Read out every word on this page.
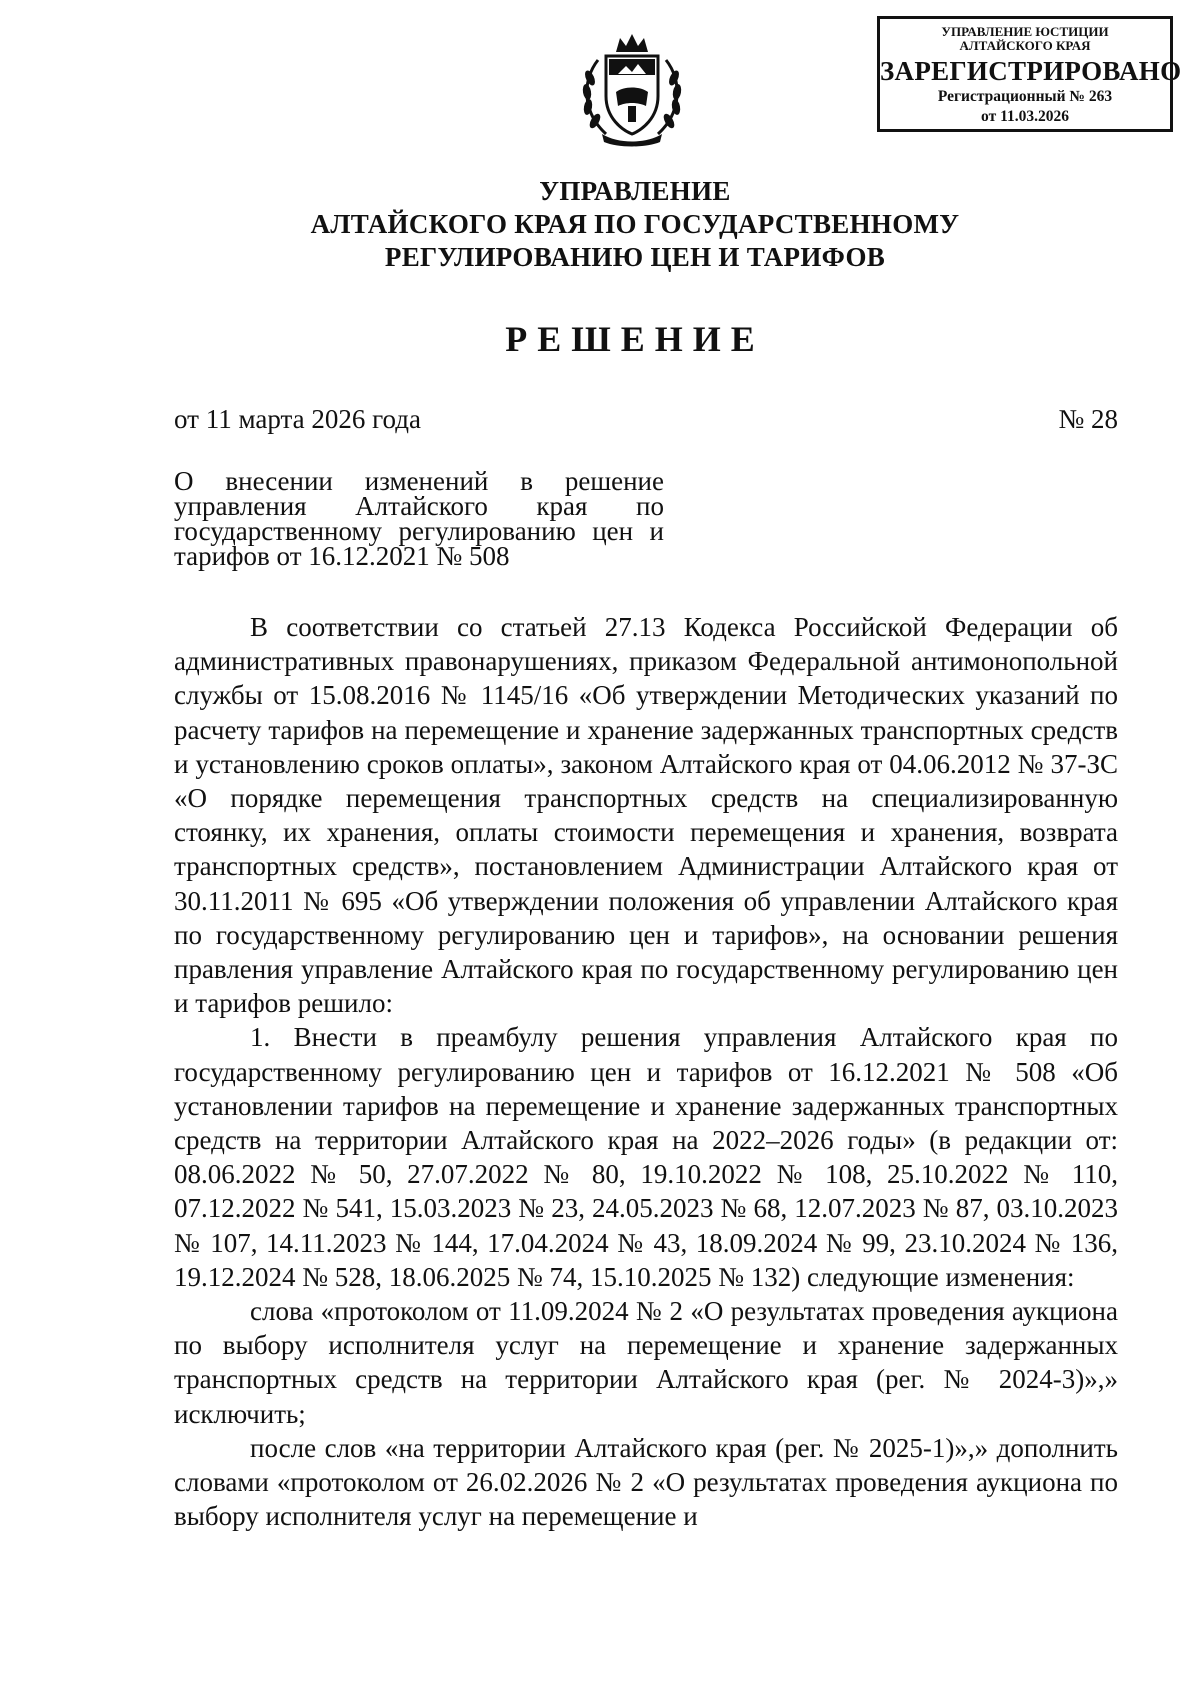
УПРАВЛЕНИЕ ЮСТИЦИИ
АЛТАЙСКОГО КРАЯ
ЗАРЕГИСТРИРОВАНО
Регистрационный № 263
от 11.03.2026
УПРАВЛЕНИЕ
АЛТАЙСКОГО КРАЯ ПО ГОСУДАРСТВЕННОМУ
РЕГУЛИРОВАНИЮ ЦЕН И ТАРИФОВ
РЕШЕНИЕ
от 11 марта 2026 года	№ 28
О внесении изменений в решение управления Алтайского края по государственному регулированию цен и тарифов от 16.12.2021 № 508

В соответствии со статьей 27.13 Кодекса Российской Федерации об административных правонарушениях, приказом Федеральной антимонопольной службы от 15.08.2016 № 1145/16 «Об утверждении Методических указаний по расчету тарифов на перемещение и хранение задержанных транспортных средств и установлению сроков оплаты», законом Алтайского края от 04.06.2012 № 37-ЗС «О порядке перемещения транспортных средств на специализированную стоянку, их хранения, оплаты стоимости перемещения и хранения, возврата транспортных средств», постановлением Администрации Алтайского края от 30.11.2011 № 695 «Об утверждении положения об управлении Алтайского края по государственному регулированию цен и тарифов», на основании решения правления управление Алтайского края по государственному регулированию цен и тарифов решило:

1. Внести в преамбулу решения управления Алтайского края по государственному регулированию цен и тарифов от 16.12.2021 № 508 «Об установлении тарифов на перемещение и хранение задержанных транспортных средств на территории Алтайского края на 2022–2026 годы» (в редакции от: 08.06.2022 № 50, 27.07.2022 № 80, 19.10.2022 № 108, 25.10.2022 № 110, 07.12.2022 № 541, 15.03.2023 № 23, 24.05.2023 № 68, 12.07.2023 № 87, 03.10.2023 № 107, 14.11.2023 № 144, 17.04.2024 № 43, 18.09.2024 № 99, 23.10.2024 № 136, 19.12.2024 № 528, 18.06.2025 № 74, 15.10.2025 № 132) следующие изменения:

слова «протоколом от 11.09.2024 № 2 «О результатах проведения аукциона по выбору исполнителя услуг на перемещение и хранение задержанных транспортных средств на территории Алтайского края (рег. № 2024-3)»,» исключить;

после слов «на территории Алтайского края (рег. № 2025-1)»,» дополнить словами «протоколом от 26.02.2026 № 2 «О результатах проведения аукциона по выбору исполнителя услуг на перемещение и
